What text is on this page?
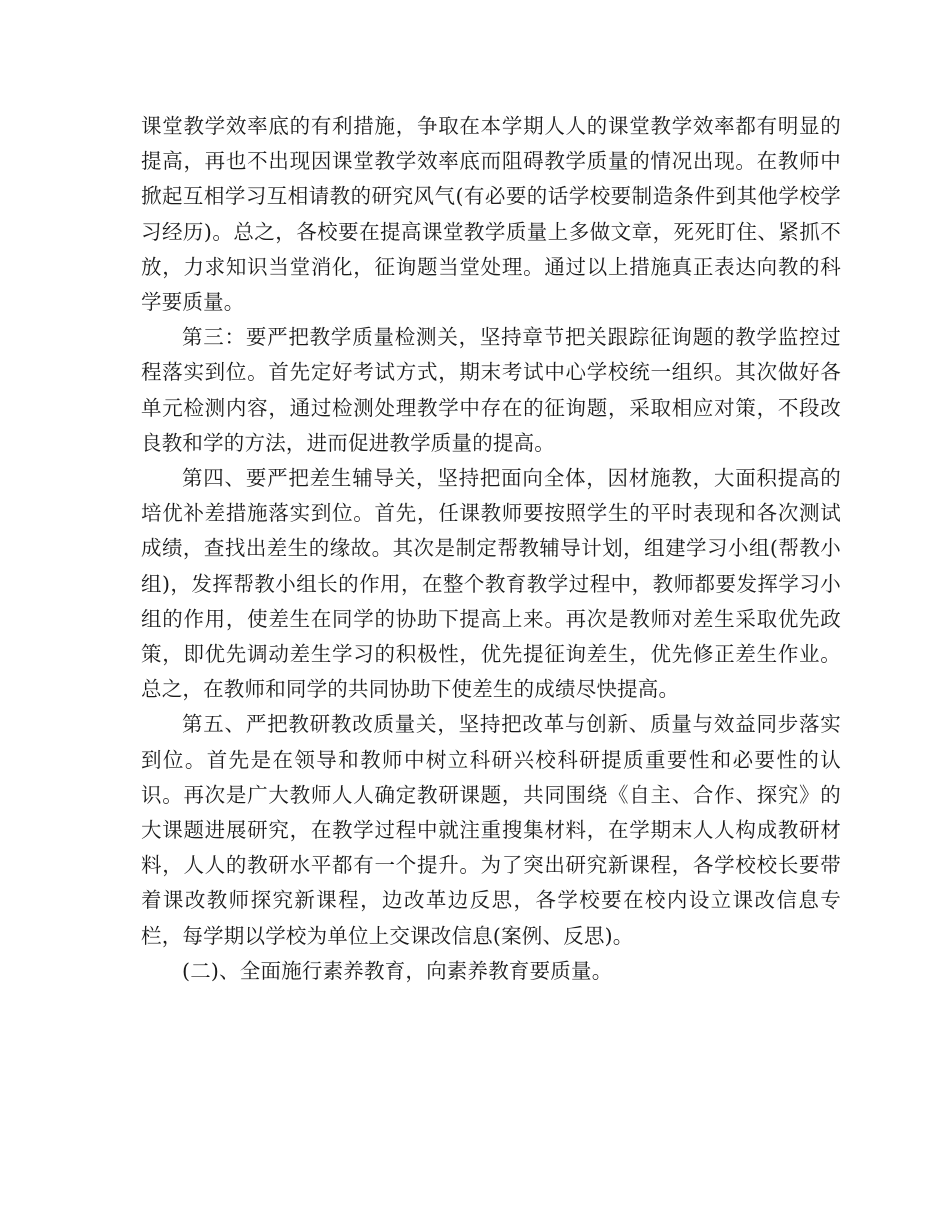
课堂教学效率底的有利措施，争取在本学期人人的课堂教学效率都有明显的提高，再也不出现因课堂教学效率底而阻碍教学质量的情况出现。在教师中掀起互相学习互相请教的研究风气(有必要的话学校要制造条件到其他学校学习经历)。总之，各校要在提高课堂教学质量上多做文章，死死盯住、紧抓不放，力求知识当堂消化，征询题当堂处理。通过以上措施真正表达向教的科学要质量。

第三：要严把教学质量检测关，坚持章节把关跟踪征询题的教学监控过程落实到位。首先定好考试方式，期末考试中心学校统一组织。其次做好各单元检测内容，通过检测处理教学中存在的征询题，采取相应对策，不段改良教和学的方法，进而促进教学质量的提高。

第四、要严把差生辅导关，坚持把面向全体，因材施教，大面积提高的培优补差措施落实到位。首先，任课教师要按照学生的平时表现和各次测试成绩，查找出差生的缘故。其次是制定帮教辅导计划，组建学习小组(帮教小组)，发挥帮教小组长的作用，在整个教育教学过程中，教师都要发挥学习小组的作用，使差生在同学的协助下提高上来。再次是教师对差生采取优先政策，即优先调动差生学习的积极性，优先提征询差生，优先修正差生作业。总之，在教师和同学的共同协助下使差生的成绩尽快提高。

第五、严把教研教改质量关，坚持把改革与创新、质量与效益同步落实到位。首先是在领导和教师中树立科研兴校科研提质重要性和必要性的认识。再次是广大教师人人确定教研课题，共同围绕《自主、合作、探究》的大课题进展研究，在教学过程中就注重搜集材料，在学期末人人构成教研材料，人人的教研水平都有一个提升。为了突出研究新课程，各学校校长要带着课改教师探究新课程，边改革边反思，各学校要在校内设立课改信息专栏，每学期以学校为单位上交课改信息(案例、反思)。

(二)、全面施行素养教育，向素养教育要质量。
